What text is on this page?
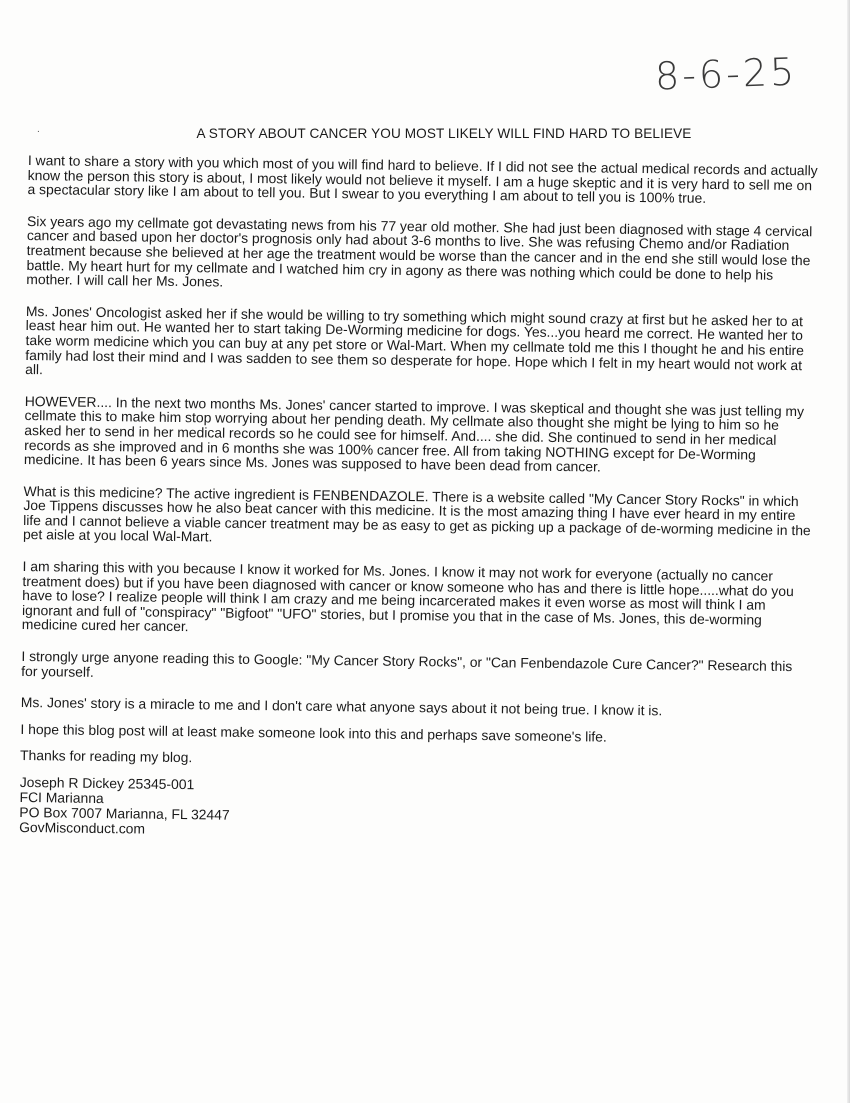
8-6-25
.	A STORY ABOUT CANCER YOU MOST LIKELY WILL FIND HARD TO BELIEVE

I want to share a story with you which most of you will find hard to believe. If I did not see the actual medical records and actually know the person this story is about, I most likely would not believe it myself. I am a huge skeptic and it is very hard to sell me on a spectacular story like I am about to tell you. But I swear to you everything I am about to tell you is 100% true.

Six years ago my cellmate got devastating news from his 77 year old mother. She had just been diagnosed with stage 4 cervical cancer and based upon her doctor's prognosis only had about 3-6 months to live. She was refusing Chemo and/or Radiation treatment because she believed at her age the treatment would be worse than the cancer and in the end she still would lose the battle. My heart hurt for my cellmate and I watched him cry in agony as there was nothing which could be done to help his mother. I will call her Ms. Jones.

Ms. Jones' Oncologist asked her if she would be willing to try something which might sound crazy at first but he asked her to at least hear him out. He wanted her to start taking De-Worming medicine for dogs. Yes...you heard me correct. He wanted her to take worm medicine which you can buy at any pet store or Wal-Mart. When my cellmate told me this I thought he and his entire family had lost their mind and I was sadden to see them so desperate for hope. Hope which I felt in my heart would not work at all.

HOWEVER.... In the next two months Ms. Jones' cancer started to improve. I was skeptical and thought she was just telling my cellmate this to make him stop worrying about her pending death. My cellmate also thought she might be lying to him so he asked her to send in her medical records so he could see for himself. And.... she did. She continued to send in her medical records as she improved and in 6 months she was 100% cancer free. All from taking NOTHING except for De-Worming medicine. It has been 6 years since Ms. Jones was supposed to have been dead from cancer.

What is this medicine? The active ingredient is FENBENDAZOLE. There is a website called "My Cancer Story Rocks" in which Joe Tippens discusses how he also beat cancer with this medicine. It is the most amazing thing I have ever heard in my entire life and I cannot believe a viable cancer treatment may be as easy to get as picking up a package of de-worming medicine in the pet aisle at you local Wal-Mart.

I am sharing this with you because I know it worked for Ms. Jones. I know it may not work for everyone (actually no cancer treatment does) but if you have been diagnosed with cancer or know someone who has and there is little hope.....what do you have to lose? I realize people will think I am crazy and me being incarcerated makes it even worse as most will think I am ignorant and full of "conspiracy" "Bigfoot" "UFO" stories, but I promise you that in the case of Ms. Jones, this de-worming medicine cured her cancer.

I strongly urge anyone reading this to Google: "My Cancer Story Rocks", or "Can Fenbendazole Cure Cancer?" Research this for yourself.

Ms. Jones' story is a miracle to me and I don't care what anyone says about it not being true. I know it is.

I hope this blog post will at least make someone look into this and perhaps save someone's life.

Thanks for reading my blog.

Joseph R Dickey 25345-001
FCI Marianna
PO Box 7007 Marianna, FL 32447
GovMisconduct.com
